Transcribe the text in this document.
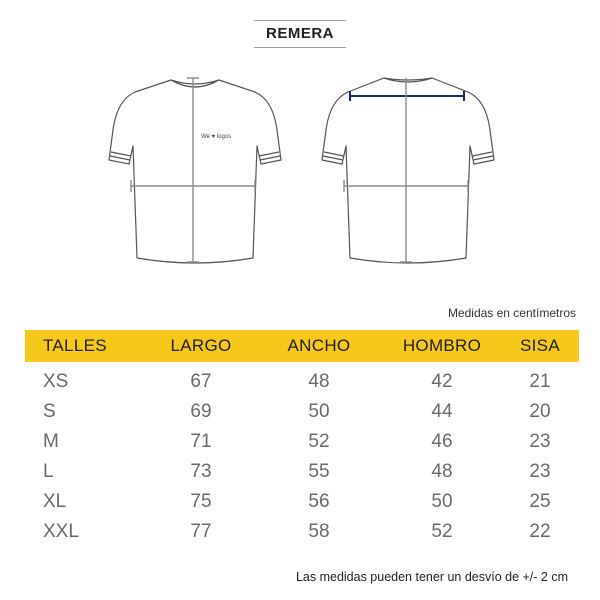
REMERA
We ♥ logos
Medidas en centímetros
TALLES	LARGO	ANCHO	HOMBRO	SISA
XS	67	48	42	21
S	69	50	44	20
M	71	52	46	23
L	73	55	48	23
XL	75	56	50	25
XXL	77	58	52	22
Las medidas pueden tener un desvío de +/- 2 cm
